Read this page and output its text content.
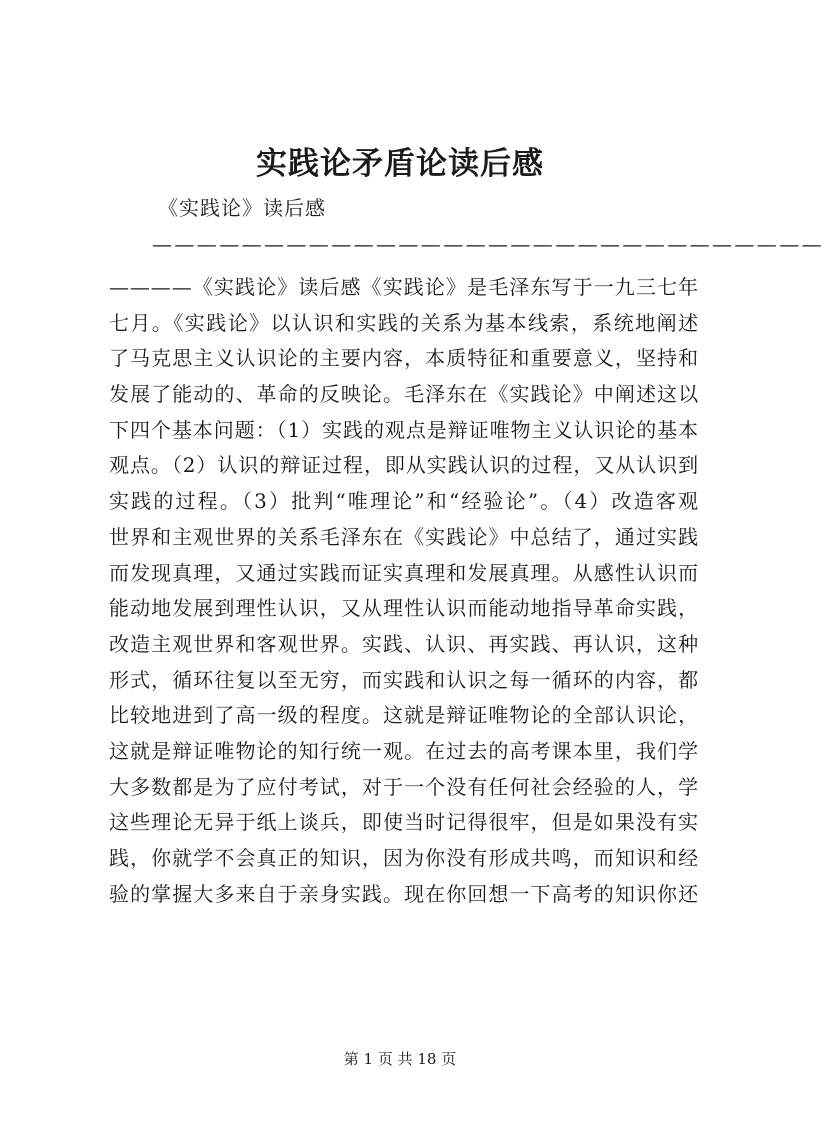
实践论矛盾论读后感
《实践论》读后感
——————————————————————————————
————《实践论》读后感《实践论》是毛泽东写于一九三七年
七月。《实践论》以认识和实践的关系为基本线索，系统地阐述
了马克思主义认识论的主要内容，本质特征和重要意义，坚持和
发展了能动的、革命的反映论。毛泽东在《实践论》中阐述这以
下四个基本问题：（1）实践的观点是辩证唯物主义认识论的基本
观点。（2）认识的辩证过程，即从实践认识的过程，又从认识到
实践的过程。（3）批判“唯理论”和“经验论”。（4）改造客观
世界和主观世界的关系毛泽东在《实践论》中总结了，通过实践
而发现真理，又通过实践而证实真理和发展真理。从感性认识而
能动地发展到理性认识，又从理性认识而能动地指导革命实践，
改造主观世界和客观世界。实践、认识、再实践、再认识，这种
形式，循环往复以至无穷，而实践和认识之每一循环的内容，都
比较地进到了高一级的程度。这就是辩证唯物论的全部认识论，
这就是辩证唯物论的知行统一观。在过去的高考课本里，我们学
大多数都是为了应付考试，对于一个没有任何社会经验的人，学
这些理论无异于纸上谈兵，即使当时记得很牢，但是如果没有实
践，你就学不会真正的知识，因为你没有形成共鸣，而知识和经
验的掌握大多来自于亲身实践。现在你回想一下高考的知识你还
第 1 页 共 18 页
